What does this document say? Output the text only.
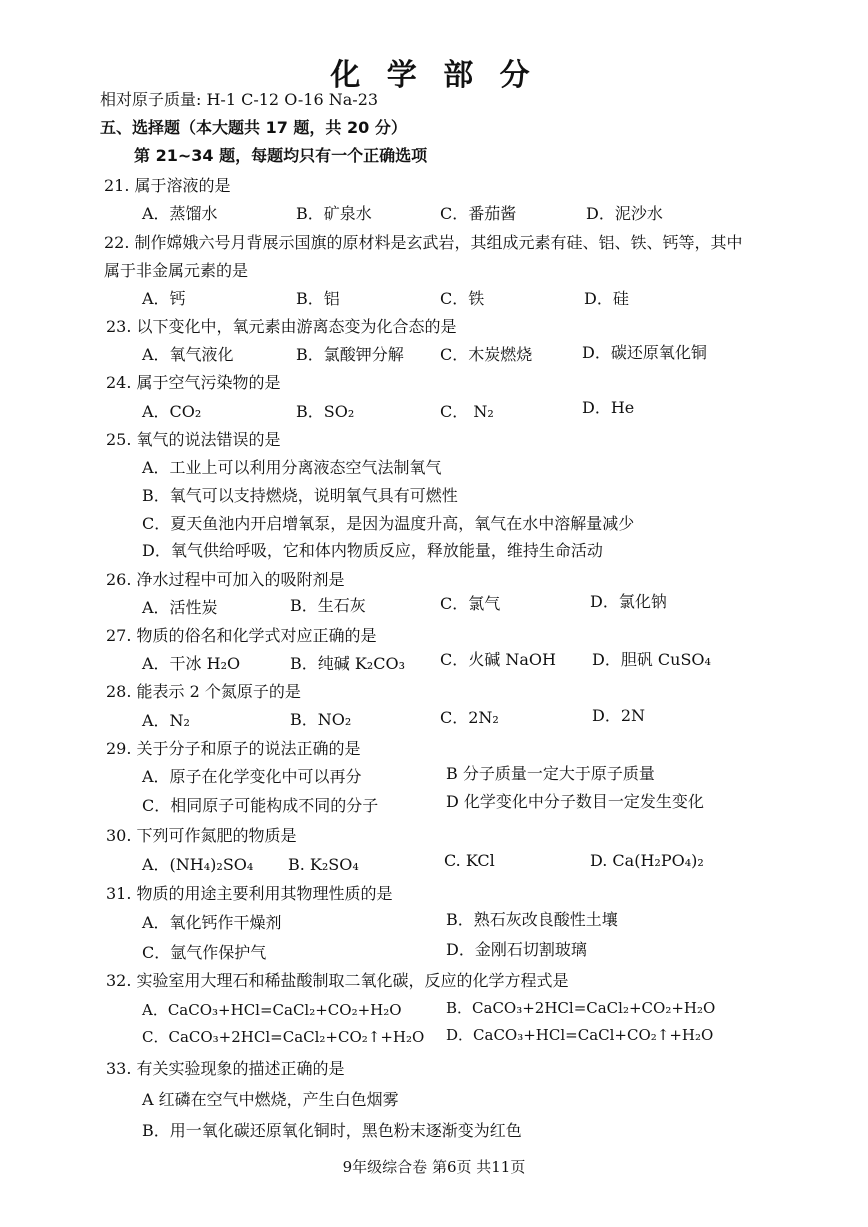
化 学 部 分
相对原子质量: H-1 C-12 O-16 Na-23
五、选择题（本大题共 17 题，共 20 分）
第 21~34 题，每题均只有一个正确选项
21. 属于溶液的是
A．蒸馏水	B．矿泉水	C．番茄酱	D．泥沙水
22. 制作嫦娥六号月背展示国旗的原材料是玄武岩，其组成元素有硅、铝、铁、钙等，其中
属于非金属元素的是
A．钙	B．铝	C．铁	D．硅
23. 以下变化中，氧元素由游离态变为化合态的是
A．氧气液化	B．氯酸钾分解 C．木炭燃烧	D．碳还原氧化铜
24. 属于空气污染物的是
A．CO₂	B．SO₂	C． N₂	D．He
25. 氧气的说法错误的是
A．工业上可以利用分离液态空气法制氧气
B．氧气可以支持燃烧，说明氧气具有可燃性
C．夏天鱼池内开启增氧泵，是因为温度升高，氧气在水中溶解量减少
D．氧气供给呼吸，它和体内物质反应，释放能量，维持生命活动
26. 净水过程中可加入的吸附剂是
A．活性炭	B．生石灰	C．氯气	D．氯化钠
27. 物质的俗名和化学式对应正确的是
A．干冰 H₂O	B．纯碱 K₂CO₃ C．火碱 NaOH D．胆矾 CuSO₄
28. 能表示 2 个氮原子的是
A．N₂	B．NO₂	C．2N₂	D．2N
29. 关于分子和原子的说法正确的是
A．原子在化学变化中可以再分	B 分子质量一定大于原子质量
C．相同原子可能构成不同的分子	D 化学变化中分子数目一定发生变化
30. 下列可作氮肥的物质是
A．(NH₄)₂SO₄ B. K₂SO₄	C. KCl	D. Ca(H₂PO₄)₂
31. 物质的用途主要利用其物理性质的是
A．氧化钙作干燥剂	B．熟石灰改良酸性土壤
C．氩气作保护气	D．金刚石切割玻璃
32. 实验室用大理石和稀盐酸制取二氧化碳，反应的化学方程式是
A．CaCO₃+HCl=CaCl₂+CO₂+H₂O	B．CaCO₃+2HCl=CaCl₂+CO₂+H₂O
C．CaCO₃+2HCl=CaCl₂+CO₂↑+H₂O D．CaCO₃+HCl=CaCl+CO₂↑+H₂O
33. 有关实验现象的描述正确的是
A 红磷在空气中燃烧，产生白色烟雾
B．用一氧化碳还原氧化铜时，黑色粉末逐渐变为红色
9年级综合卷 第6页 共11页
